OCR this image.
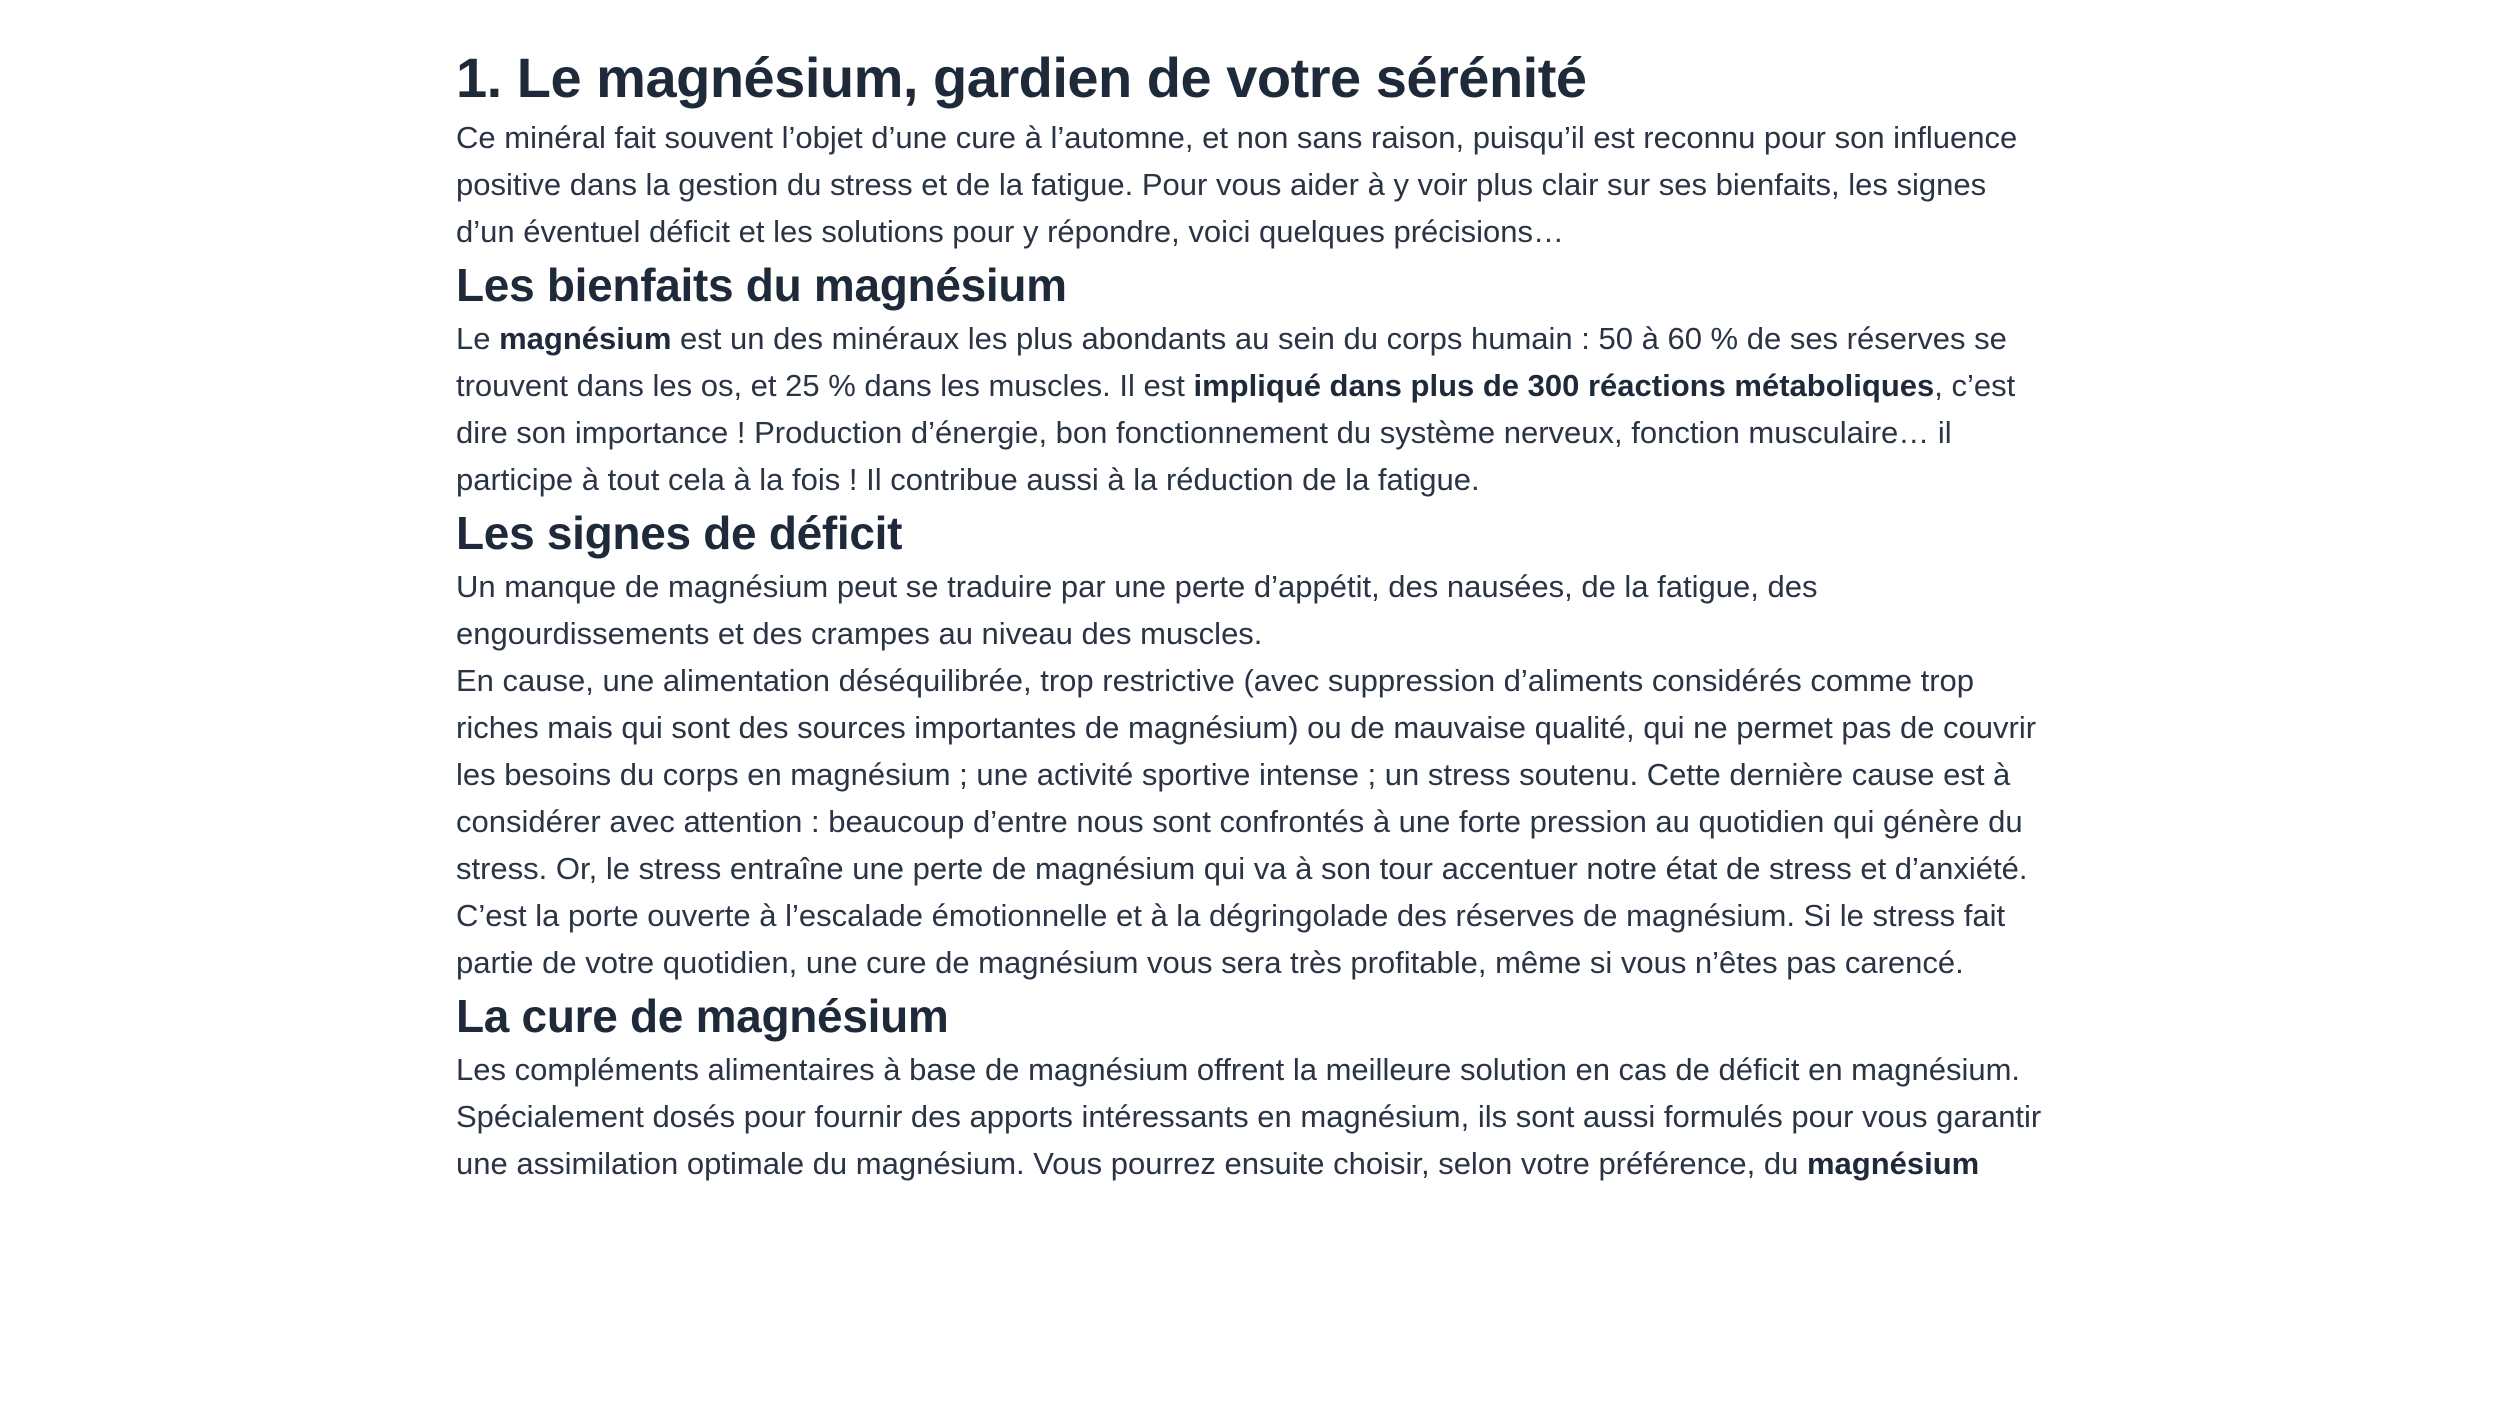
1. Le magnésium, gardien de votre sérénité

Ce minéral fait souvent l’objet d’une cure à l’automne, et non sans raison, puisqu’il est reconnu pour son influence positive dans la gestion du stress et de la fatigue. Pour vous aider à y voir plus clair sur ses bienfaits, les signes d’un éventuel déficit et les solutions pour y répondre, voici quelques précisions…

Les bienfaits du magnésium

Le magnésium est un des minéraux les plus abondants au sein du corps humain : 50 à 60 % de ses réserves se trouvent dans les os, et 25 % dans les muscles. Il est impliqué dans plus de 300 réactions métaboliques, c’est dire son importance ! Production d’énergie, bon fonctionnement du système nerveux, fonction musculaire… il participe à tout cela à la fois ! Il contribue aussi à la réduction de la fatigue.

Les signes de déficit

Un manque de magnésium peut se traduire par une perte d’appétit, des nausées, de la fatigue, des engourdissements et des crampes au niveau des muscles.

En cause, une alimentation déséquilibrée, trop restrictive (avec suppression d’aliments considérés comme trop riches mais qui sont des sources importantes de magnésium) ou de mauvaise qualité, qui ne permet pas de couvrir les besoins du corps en magnésium ; une activité sportive intense ; un stress soutenu. Cette dernière cause est à considérer avec attention : beaucoup d’entre nous sont confrontés à une forte pression au quotidien qui génère du stress. Or, le stress entraîne une perte de magnésium qui va à son tour accentuer notre état de stress et d’anxiété. C’est la porte ouverte à l’escalade émotionnelle et à la dégringolade des réserves de magnésium. Si le stress fait partie de votre quotidien, une cure de magnésium vous sera très profitable, même si vous n’êtes pas carencé.

La cure de magnésium

Les compléments alimentaires à base de magnésium offrent la meilleure solution en cas de déficit en magnésium. Spécialement dosés pour fournir des apports intéressants en magnésium, ils sont aussi formulés pour vous garantir une assimilation optimale du magnésium. Vous pourrez ensuite choisir, selon votre préférence, du magnésium
